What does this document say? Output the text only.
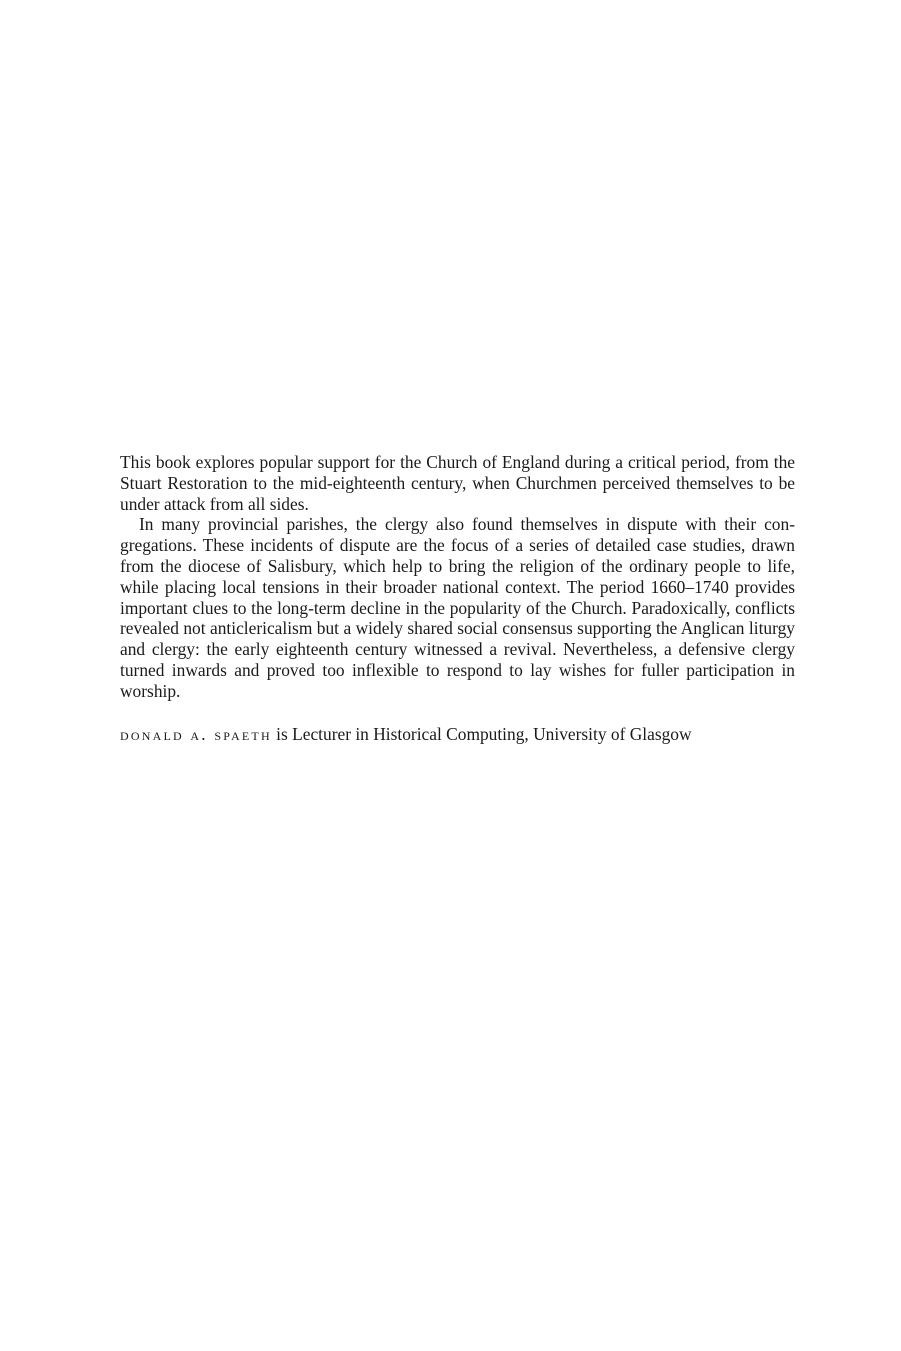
This book explores popular support for the Church of England during a critical period, from the Stuart Restoration to the mid-eighteenth century, when Churchmen perceived themselves to be under attack from all sides.

In many provincial parishes, the clergy also found themselves in dispute with their congregations. These incidents of dispute are the focus of a series of detailed case studies, drawn from the diocese of Salisbury, which help to bring the religion of the ordinary people to life, while placing local tensions in their broader national context. The period 1660–1740 provides important clues to the long-term decline in the popularity of the Church. Paradoxically, conflicts revealed not anticlericalism but a widely shared social consensus supporting the Anglican liturgy and clergy: the early eighteenth century witnessed a revival. Nevertheless, a defensive clergy turned inwards and proved too inflexible to respond to lay wishes for fuller participation in worship.

donald a. spaeth is Lecturer in Historical Computing, University of Glasgow
